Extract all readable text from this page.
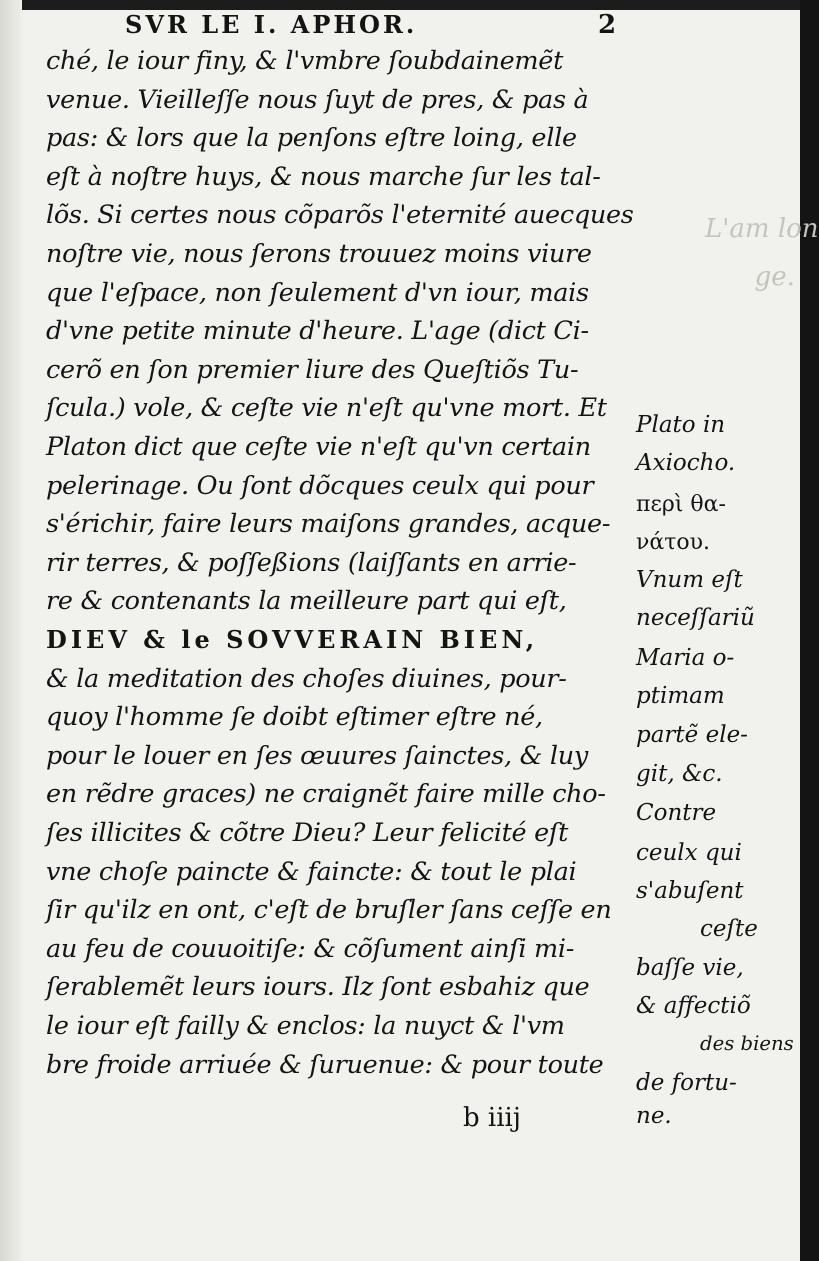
L'am lon
ge.
SVR LE I. APHOR.	2
ché, le iour finy, & l'vmbre ſoubdainemẽt
venue. Vieilleſſe nous ſuyt de pres, & pas à
pas: & lors que la penſons eſtre loing, elle
eſt à noſtre huys, & nous marche ſur les tal-
lõs. Si certes nous cõparõs l'eternité auecques
noſtre vie, nous ſerons trouuez moins viure
que l'eſpace, non ſeulement d'vn iour, mais
d'vne petite minute d'heure. L'age (dict Ci-
cerõ en ſon premier liure des Queſtiõs Tu-
ſcula.) vole, & ceſte vie n'eſt qu'vne mort. Et
Platon dict que ceſte vie n'eſt qu'vn certain
pelerinage. Ou ſont dõcques ceulx qui pour
s'érichir, faire leurs maiſons grandes, acque-
rir terres, & poſſeßions (laiſſants en arrie-
re & contenants la meilleure part qui eſt,
DIEV & le SOVVERAIN BIEN,
& la meditation des choſes diuines, pour-
quoy l'homme ſe doibt eſtimer eſtre né,
pour le louer en ſes œuures ſainctes, & luy
en rẽdre graces) ne craignẽt faire mille cho-
ſes illicites & cõtre Dieu? Leur felicité eſt
vne choſe paincte & faincte: & tout le plai
ſir qu'ilz en ont, c'eſt de bruſler ſans ceſſe en
au feu de couuoitiſe: & cõſument ainſi mi-
ſerablemẽt leurs iours. Ilz ſont esbahiz que
le iour eſt failly & enclos: la nuyct & l'vm
bre froide arriuée & ſuruenue: & pour toute
Plato in
Axiocho.
περὶ θα-
νάτου.
Vnum eſt
neceſſariũ
Maria o-
ptimam
partẽ ele-
git, &c.
Contre
ceulx qui
s'abuſent
ceſte
baſſe vie,
& affectiõ
des biens
de fortu-
ne.
b iiij
